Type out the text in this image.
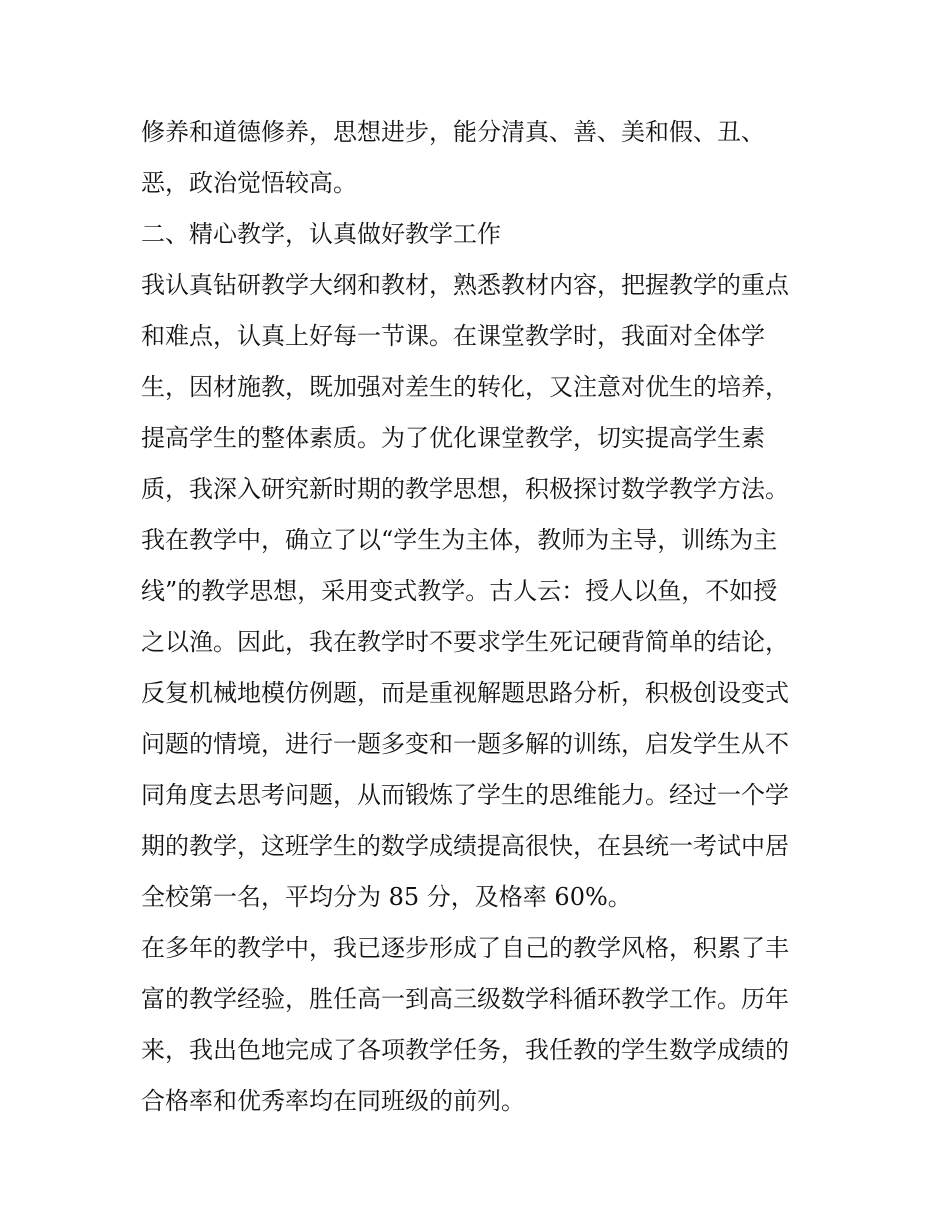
修养和道德修养，思想进步，能分清真、善、美和假、丑、
恶，政治觉悟较高。
二、精心教学，认真做好教学工作
我认真钻研教学大纲和教材，熟悉教材内容，把握教学的重点
和难点，认真上好每一节课。在课堂教学时，我面对全体学
生，因材施教，既加强对差生的转化，又注意对优生的培养，
提高学生的整体素质。为了优化课堂教学，切实提高学生素
质，我深入研究新时期的教学思想，积极探讨数学教学方法。
我在教学中，确立了以“学生为主体，教师为主导，训练为主
线”的教学思想，采用变式教学。古人云：授人以鱼，不如授
之以渔。因此，我在教学时不要求学生死记硬背简单的结论，
反复机械地模仿例题，而是重视解题思路分析，积极创设变式
问题的情境，进行一题多变和一题多解的训练，启发学生从不
同角度去思考问题，从而锻炼了学生的思维能力。经过一个学
期的教学，这班学生的数学成绩提高很快，在县统一考试中居
全校第一名，平均分为 85 分，及格率 60%。
在多年的教学中，我已逐步形成了自己的教学风格，积累了丰
富的教学经验，胜任高一到高三级数学科循环教学工作。历年
来，我出色地完成了各项教学任务，我任教的学生数学成绩的
合格率和优秀率均在同班级的前列。
